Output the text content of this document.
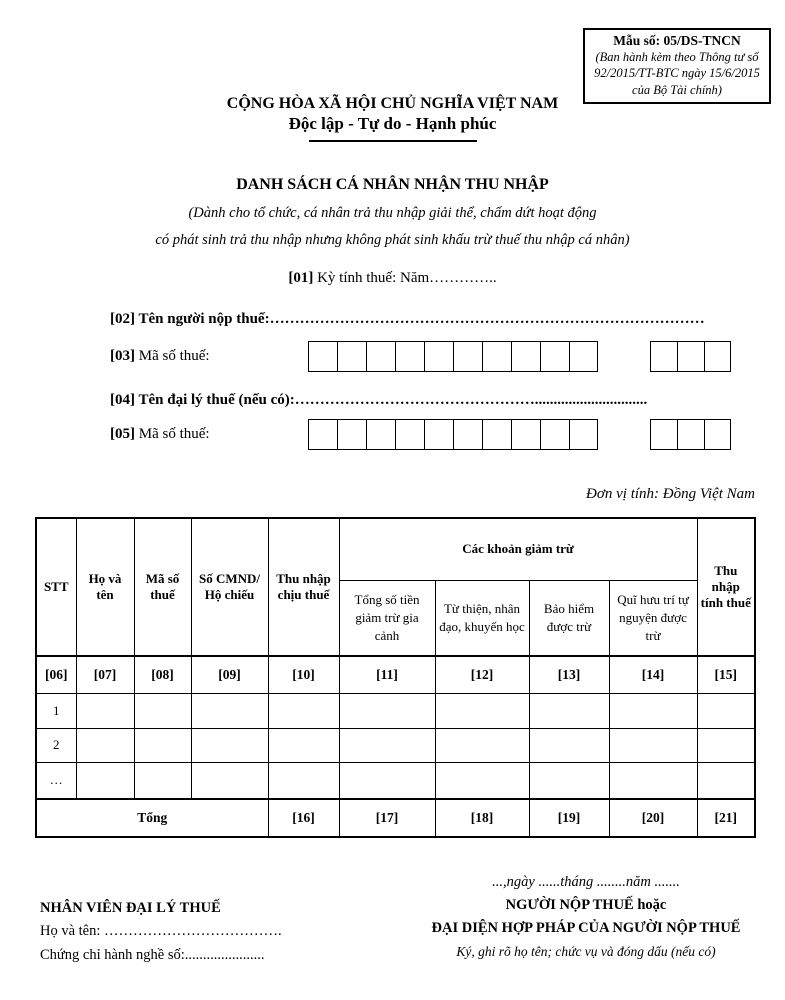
Mẫu số: 05/DS-TNCN
(Ban hành kèm theo Thông tư số
92/2015/TT-BTC ngày 15/6/2015
của Bộ Tài chính)
CỘNG HÒA XÃ HỘI CHỦ NGHĨA VIỆT NAM
Độc lập - Tự do - Hạnh phúc
DANH SÁCH CÁ NHÂN NHẬN THU NHẬP
(Dành cho tổ chức, cá nhân trả thu nhập giải thể, chấm dứt hoạt động
có phát sinh trả thu nhập nhưng không phát sinh khấu trừ thuế thu nhập cá nhân)
[01] Kỳ tính thuế: Năm…………..
[02] Tên người nộp thuế:……………………………………………………………………………
[03] Mã số thuế:
[04] Tên đại lý thuế (nếu có):…………………………………………..............................
[05] Mã số thuế:
Đơn vị tính: Đồng Việt Nam
STT	Họ và tên	Mã số thuế	Số CMND/ Hộ chiếu	Thu nhập chịu thuế	Các khoản giảm trừ				Thu nhập tính thuế
					Tổng số tiền giảm trừ gia cảnh	Từ thiện, nhân đạo, khuyến học	Bảo hiểm được trừ	Quĩ hưu trí tự nguyện được trừ	
[06]	[07]	[08]	[09]	[10]	[11]	[12]	[13]	[14]	[15]
1									
2									
…									
Tổng				[16]	[17]	[18]	[19]	[20]	[21]
NHÂN VIÊN ĐẠI LÝ THUẾ
Họ và tên: ……………………………….
Chứng chỉ hành nghề số:......................
...,ngày ......tháng ........năm .......
NGƯỜI NỘP THUẾ hoặc
ĐẠI DIỆN HỢP PHÁP CỦA NGƯỜI NỘP THUẾ
Ký, ghi rõ họ tên; chức vụ và đóng dấu (nếu có)
